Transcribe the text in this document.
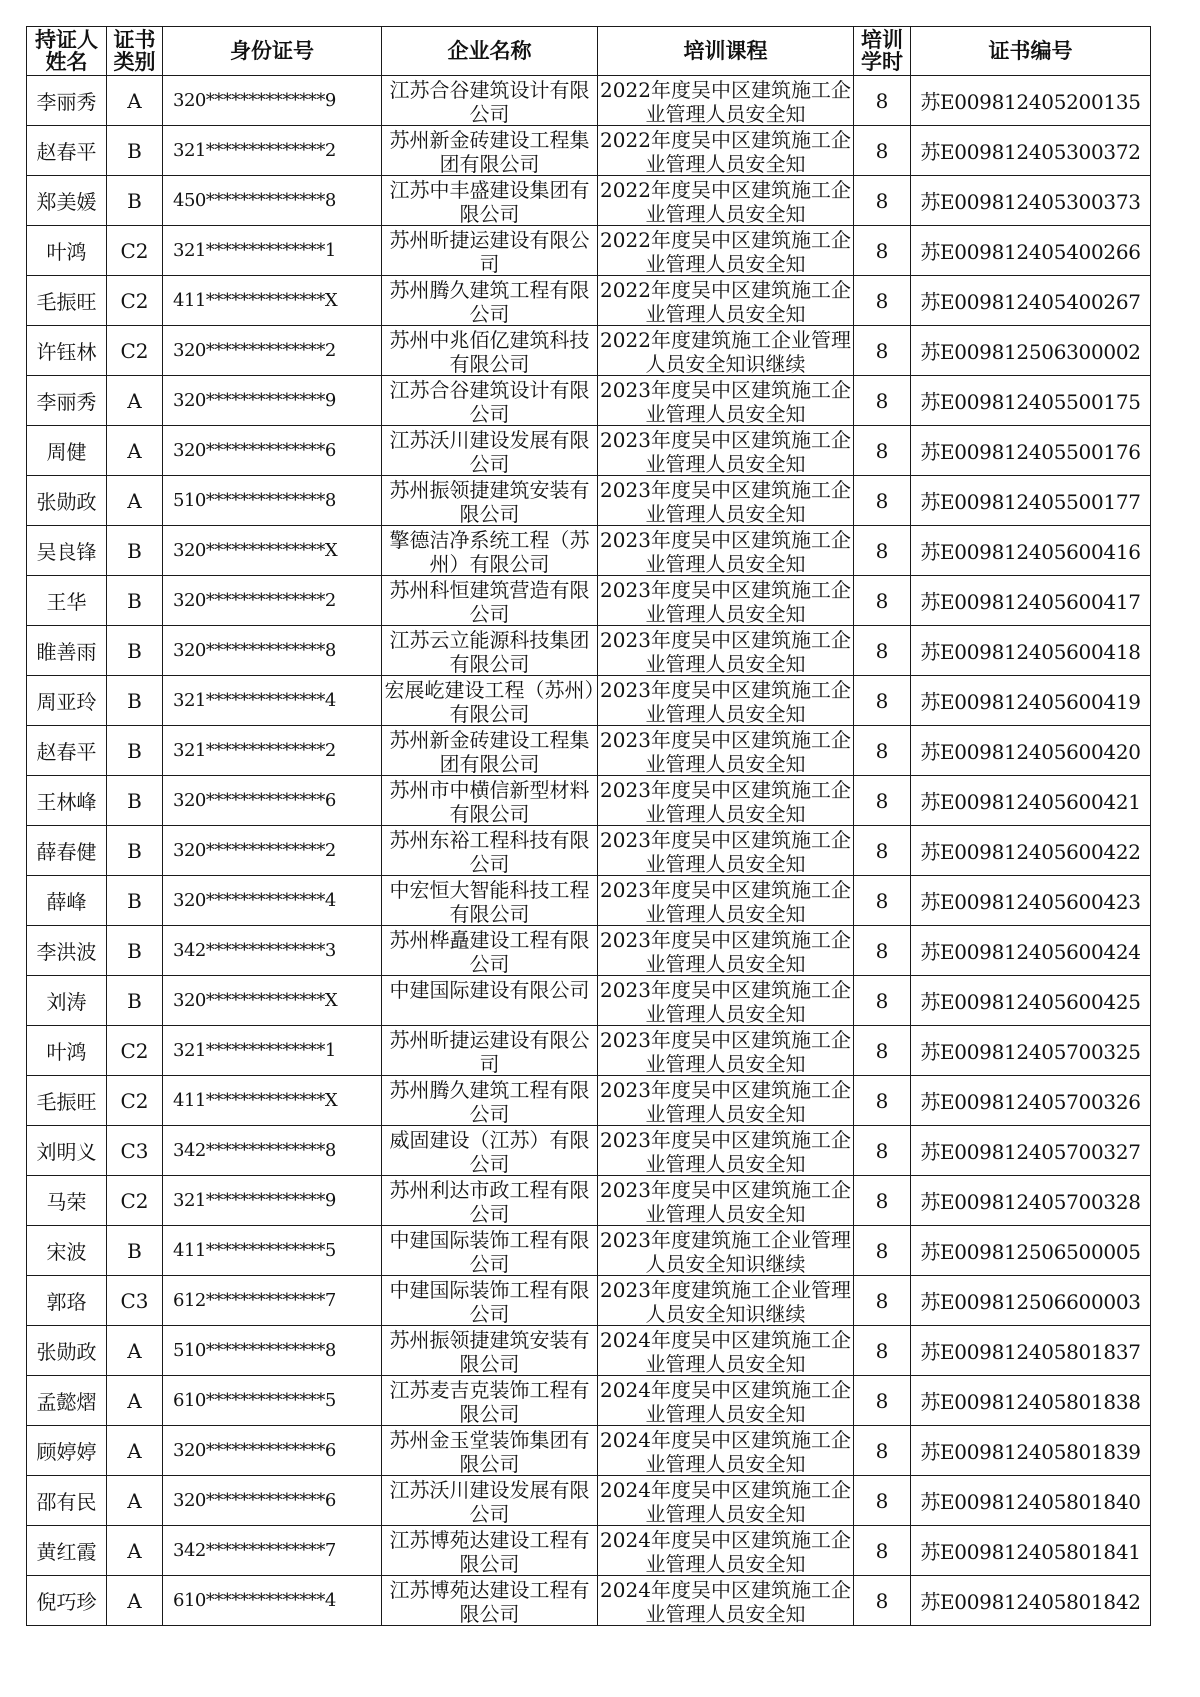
持证人姓名	证书类别	身份证号	企业名称	培训课程	培训学时	证书编号
李丽秀	A	320**************9	江苏合谷建筑设计有限公司	2022年度吴中区建筑施工企业管理人员安全知	8	苏E009812405200135
赵春平	B	321**************2	苏州新金砖建设工程集团有限公司	2022年度吴中区建筑施工企业管理人员安全知	8	苏E009812405300372
郑美媛	B	450**************8	江苏中丰盛建设集团有限公司	2022年度吴中区建筑施工企业管理人员安全知	8	苏E009812405300373
叶鸿	C2	321**************1	苏州昕捷运建设有限公司	2022年度吴中区建筑施工企业管理人员安全知	8	苏E009812405400266
毛振旺	C2	411**************X	苏州腾久建筑工程有限公司	2022年度吴中区建筑施工企业管理人员安全知	8	苏E009812405400267
许钰林	C2	320**************2	苏州中兆佰亿建筑科技有限公司	2022年度建筑施工企业管理人员安全知识继续	8	苏E009812506300002
李丽秀	A	320**************9	江苏合谷建筑设计有限公司	2023年度吴中区建筑施工企业管理人员安全知	8	苏E009812405500175
周健	A	320**************6	江苏沃川建设发展有限公司	2023年度吴中区建筑施工企业管理人员安全知	8	苏E009812405500176
张勋政	A	510**************8	苏州振领捷建筑安装有限公司	2023年度吴中区建筑施工企业管理人员安全知	8	苏E009812405500177
吴良锋	B	320**************X	擎德洁净系统工程（苏州）有限公司	2023年度吴中区建筑施工企业管理人员安全知	8	苏E009812405600416
王华	B	320**************2	苏州科恒建筑营造有限公司	2023年度吴中区建筑施工企业管理人员安全知	8	苏E009812405600417
睢善雨	B	320**************8	江苏云立能源科技集团有限公司	2023年度吴中区建筑施工企业管理人员安全知	8	苏E009812405600418
周亚玲	B	321**************4	宏展屹建设工程（苏州）有限公司	2023年度吴中区建筑施工企业管理人员安全知	8	苏E009812405600419
赵春平	B	321**************2	苏州新金砖建设工程集团有限公司	2023年度吴中区建筑施工企业管理人员安全知	8	苏E009812405600420
王林峰	B	320**************6	苏州市中横信新型材料有限公司	2023年度吴中区建筑施工企业管理人员安全知	8	苏E009812405600421
薛春健	B	320**************2	苏州东裕工程科技有限公司	2023年度吴中区建筑施工企业管理人员安全知	8	苏E009812405600422
薛峰	B	320**************4	中宏恒大智能科技工程有限公司	2023年度吴中区建筑施工企业管理人员安全知	8	苏E009812405600423
李洪波	B	342**************3	苏州桦矗建设工程有限公司	2023年度吴中区建筑施工企业管理人员安全知	8	苏E009812405600424
刘涛	B	320**************X	中建国际建设有限公司	2023年度吴中区建筑施工企业管理人员安全知	8	苏E009812405600425
叶鸿	C2	321**************1	苏州昕捷运建设有限公司	2023年度吴中区建筑施工企业管理人员安全知	8	苏E009812405700325
毛振旺	C2	411**************X	苏州腾久建筑工程有限公司	2023年度吴中区建筑施工企业管理人员安全知	8	苏E009812405700326
刘明义	C3	342**************8	威固建设（江苏）有限公司	2023年度吴中区建筑施工企业管理人员安全知	8	苏E009812405700327
马荣	C2	321**************9	苏州利达市政工程有限公司	2023年度吴中区建筑施工企业管理人员安全知	8	苏E009812405700328
宋波	B	411**************5	中建国际装饰工程有限公司	2023年度建筑施工企业管理人员安全知识继续	8	苏E009812506500005
郭珞	C3	612**************7	中建国际装饰工程有限公司	2023年度建筑施工企业管理人员安全知识继续	8	苏E009812506600003
张勋政	A	510**************8	苏州振领捷建筑安装有限公司	2024年度吴中区建筑施工企业管理人员安全知	8	苏E009812405801837
孟懿熠	A	610**************5	江苏麦吉克装饰工程有限公司	2024年度吴中区建筑施工企业管理人员安全知	8	苏E009812405801838
顾婷婷	A	320**************6	苏州金玉堂装饰集团有限公司	2024年度吴中区建筑施工企业管理人员安全知	8	苏E009812405801839
邵有民	A	320**************6	江苏沃川建设发展有限公司	2024年度吴中区建筑施工企业管理人员安全知	8	苏E009812405801840
黄红霞	A	342**************7	江苏博苑达建设工程有限公司	2024年度吴中区建筑施工企业管理人员安全知	8	苏E009812405801841
倪巧珍	A	610**************4	江苏博苑达建设工程有限公司	2024年度吴中区建筑施工企业管理人员安全知	8	苏E009812405801842
